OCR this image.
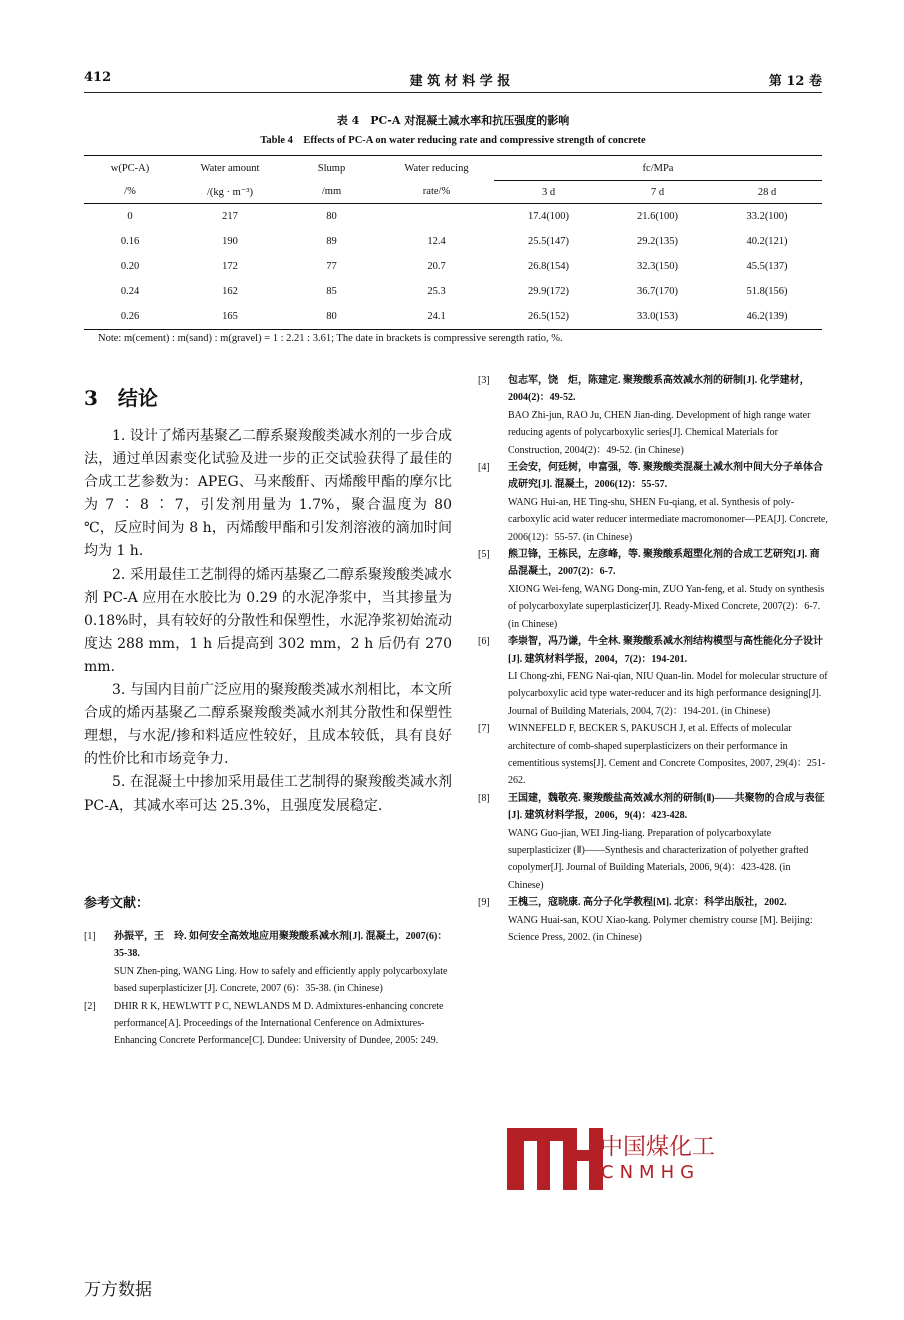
412	建 筑 材 料 学 报	第 12 卷
表 4　PC-A 对混凝土减水率和抗压强度的影响
Table 4　Effects of PC-A on water reducing rate and compressive strength of concrete
w(PC-A)	Water amount	Slump	Water reducing	fc/MPa		
/%	/(kg · m⁻³)	/mm	rate/%	3 d	7 d	28 d
0	217	80		17.4(100)	21.6(100)	33.2(100)
0.16	190	89	12.4	25.5(147)	29.2(135)	40.2(121)
0.20	172	77	20.7	26.8(154)	32.3(150)	45.5(137)
0.24	162	85	25.3	29.9(172)	36.7(170)	51.8(156)
0.26	165	80	24.1	26.5(152)	33.0(153)	46.2(139)
Note: m(cement) : m(sand) : m(gravel) = 1 : 2.21 : 3.61; The date in brackets is compressive serength ratio, %.
3　结论

1. 设计了烯丙基聚乙二醇系聚羧酸类减水剂的一步合成法，通过单因素变化试验及进一步的正交试验获得了最佳的合成工艺参数为：APEG、马来酸酐、丙烯酸甲酯的摩尔比为 7 ∶ 8 ∶ 7，引发剂用量为 1.7%，聚合温度为 80 ℃，反应时间为 8 h，丙烯酸甲酯和引发剂溶液的滴加时间均为 1 h.

2. 采用最佳工艺制得的烯丙基聚乙二醇系聚羧酸类减水剂 PC-A 应用在水胶比为 0.29 的水泥净浆中，当其掺量为0.18%时，具有较好的分散性和保塑性，水泥净浆初始流动度达 288 mm，1 h 后提高到 302 mm，2 h 后仍有 270 mm.

3. 与国内目前广泛应用的聚羧酸类减水剂相比，本文所合成的烯丙基聚乙二醇系聚羧酸类减水剂其分散性和保塑性理想，与水泥/掺和料适应性较好，且成本较低，具有良好的性价比和市场竞争力.

5. 在混凝土中掺加采用最佳工艺制得的聚羧酸类减水剂 PC-A，其减水率可达 25.3%，且强度发展稳定.

参考文献：
[1] 孙振平，王　玲. 如何安全高效地应用聚羧酸系减水剂[J]. 混凝土，2007(6)：35-38.
SUN Zhen-ping, WANG Ling. How to safely and efficiently apply polycarboxylate based superplasticizer [J]. Concrete, 2007 (6)：35-38. (in Chinese)
[2] DHIR R K, HEWLWTT P C, NEWLANDS M D. Admixtures-enhancing concrete performance[A]. Proceedings of the International Cenference on Admixtures-Enhancing Concrete Performance[C]. Dundee: University of Dundee, 2005: 249.
[3] 包志军，饶　炬，陈建定. 聚羧酸系高效减水剂的研制[J]. 化学建材，2004(2)：49-52.
BAO Zhi-jun, RAO Ju, CHEN Jian-ding. Development of high range water reducing agents of polycarboxylic series[J]. Chemical Materials for Construction, 2004(2)：49-52. (in Chinese)
[4] 王会安，何廷树，申富强，等. 聚羧酸类混凝土减水剂中间大分子单体合成研究[J]. 混凝土，2006(12)：55-57.
WANG Hui-an, HE Ting-shu, SHEN Fu-qiang, et al. Synthesis of poly-carboxylic acid water reducer intermediate macromonomer—PEA[J]. Concrete, 2006(12)：55-57. (in Chinese)
[5] 熊卫锋，王栋民，左彦峰，等. 聚羧酸系超塑化剂的合成工艺研究[J]. 商品混凝土，2007(2)：6-7.
XIONG Wei-feng, WANG Dong-min, ZUO Yan-feng, et al. Study on synthesis of polycarboxylate superplasticizer[J]. Ready-Mixed Concrete, 2007(2)：6-7. (in Chinese)
[6] 李崇智，冯乃谦，牛全林. 聚羧酸系减水剂结构模型与高性能化分子设计[J]. 建筑材料学报，2004，7(2)：194-201.
LI Chong-zhi, FENG Nai-qian, NIU Quan-lin. Model for molecular structure of polycarboxylic acid type water-reducer and its high performance designing[J]. Journal of Building Materials, 2004, 7(2)：194-201. (in Chinese)
[7] WINNEFELD F, BECKER S, PAKUSCH J, et al. Effects of molecular architecture of comb-shaped superplasticizers on their performance in cementitious systems[J]. Cement and Concrete Composites, 2007, 29(4)：251-262.
[8] 王国建，魏敬亮. 聚羧酸盐高效减水剂的研制(Ⅱ)——共聚物的合成与表征[J]. 建筑材料学报，2006，9(4)：423-428.
WANG Guo-jian, WEI Jing-liang. Preparation of polycarboxylate superplasticizer (Ⅱ)——Synthesis and characterization of polyether grafted copolymer[J]. Journal of Building Materials, 2006, 9(4)：423-428. (in Chinese)
[9] 王槐三，寇晓康. 高分子化学教程[M]. 北京：科学出版社，2002.
WANG Huai-san, KOU Xiao-kang. Polymer chemistry course [M]. Beijing: Science Press, 2002. (in Chinese)
中国煤化工
CNMHG
万方数据
